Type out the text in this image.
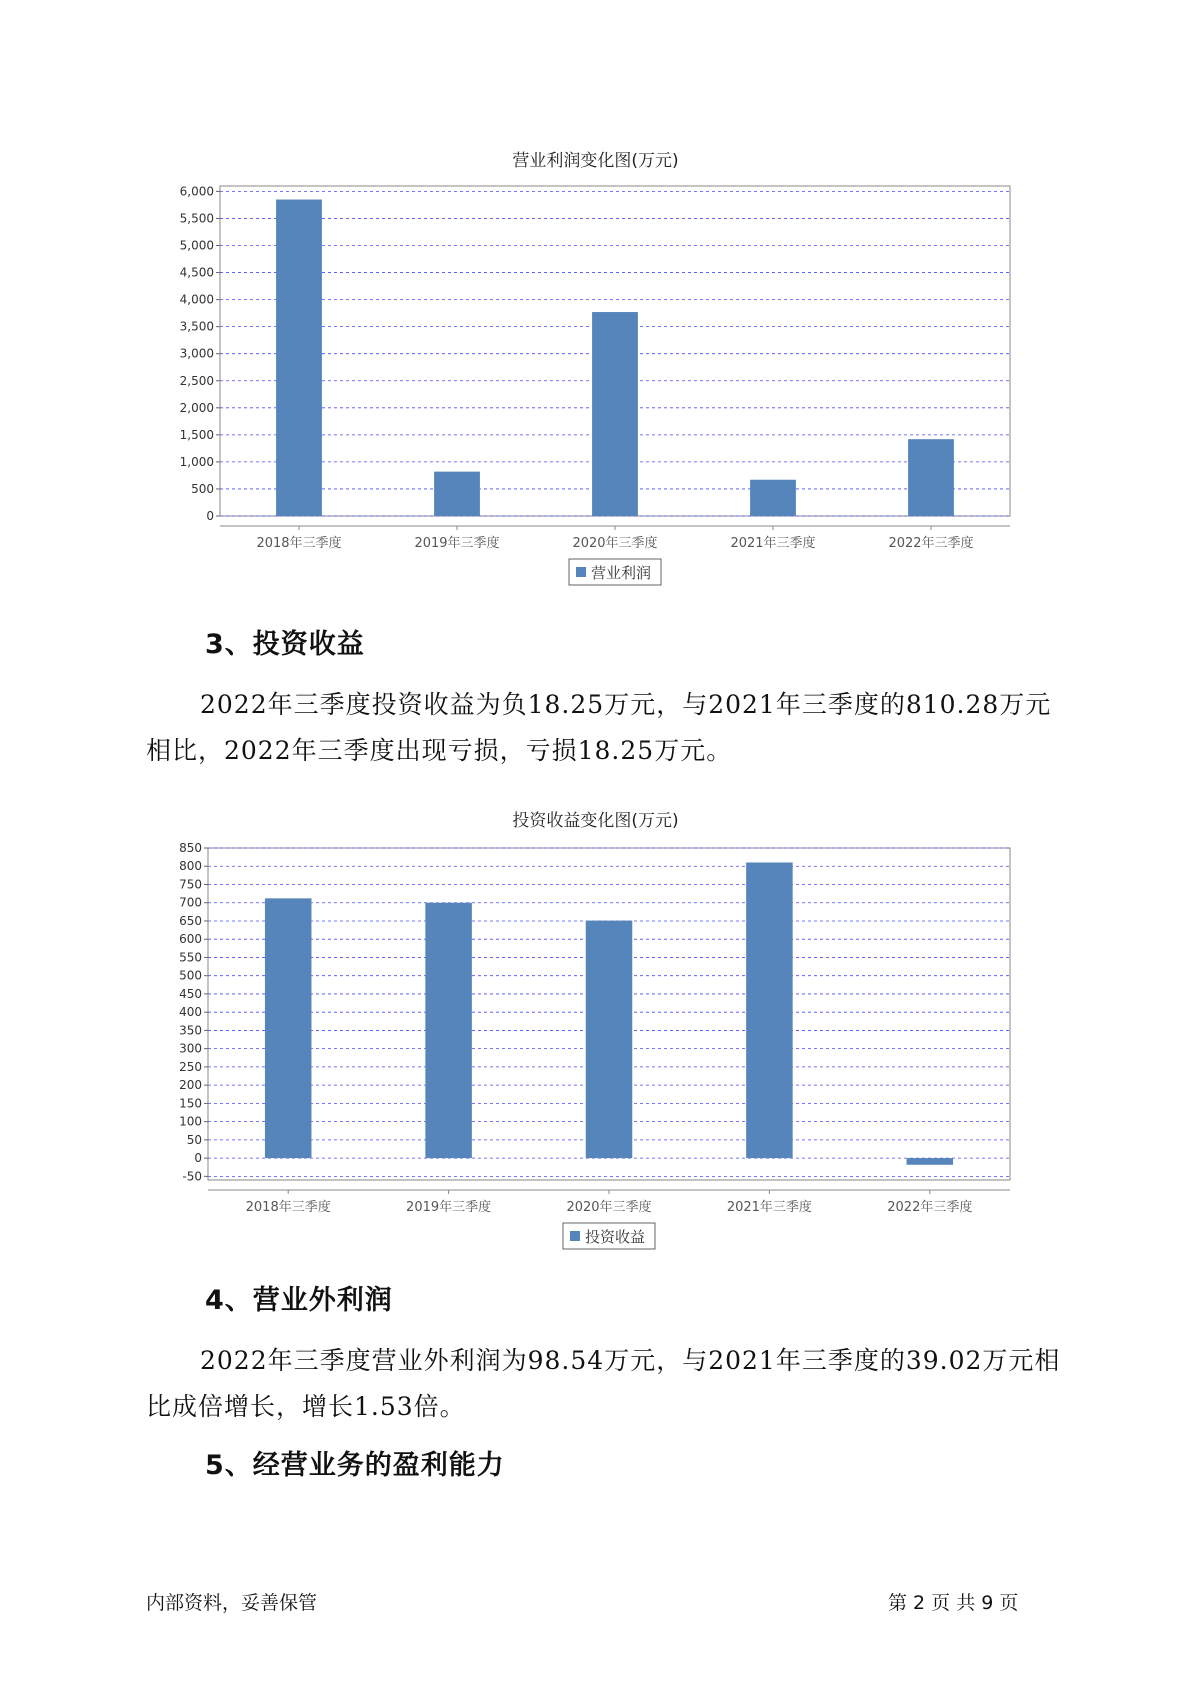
营业利润变化图(万元)
0
500
1,000
1,500
2,000
2,500
3,000
3,500
4,000
4,500
5,000
5,500
6,000
2018年三季度	2019年三季度	2020年三季度	2021年三季度	2022年三季度
营业利润
3、投资收益

2022年三季度投资收益为负18.25万元，与2021年三季度的810.28万元相比，2022年三季度出现亏损，亏损18.25万元。

投资收益变化图(万元)
-50
0
50
100
150
200
250
300
350
400
450
500
550
600
650
700
750
800
850
2018年三季度	2019年三季度	2020年三季度	2021年三季度	2022年三季度
投资收益
4、营业外利润

2022年三季度营业外利润为98.54万元，与2021年三季度的39.02万元相比成倍增长，增长1.53倍。

5、经营业务的盈利能力
内部资料，妥善保管	第 2 页 共 9 页
